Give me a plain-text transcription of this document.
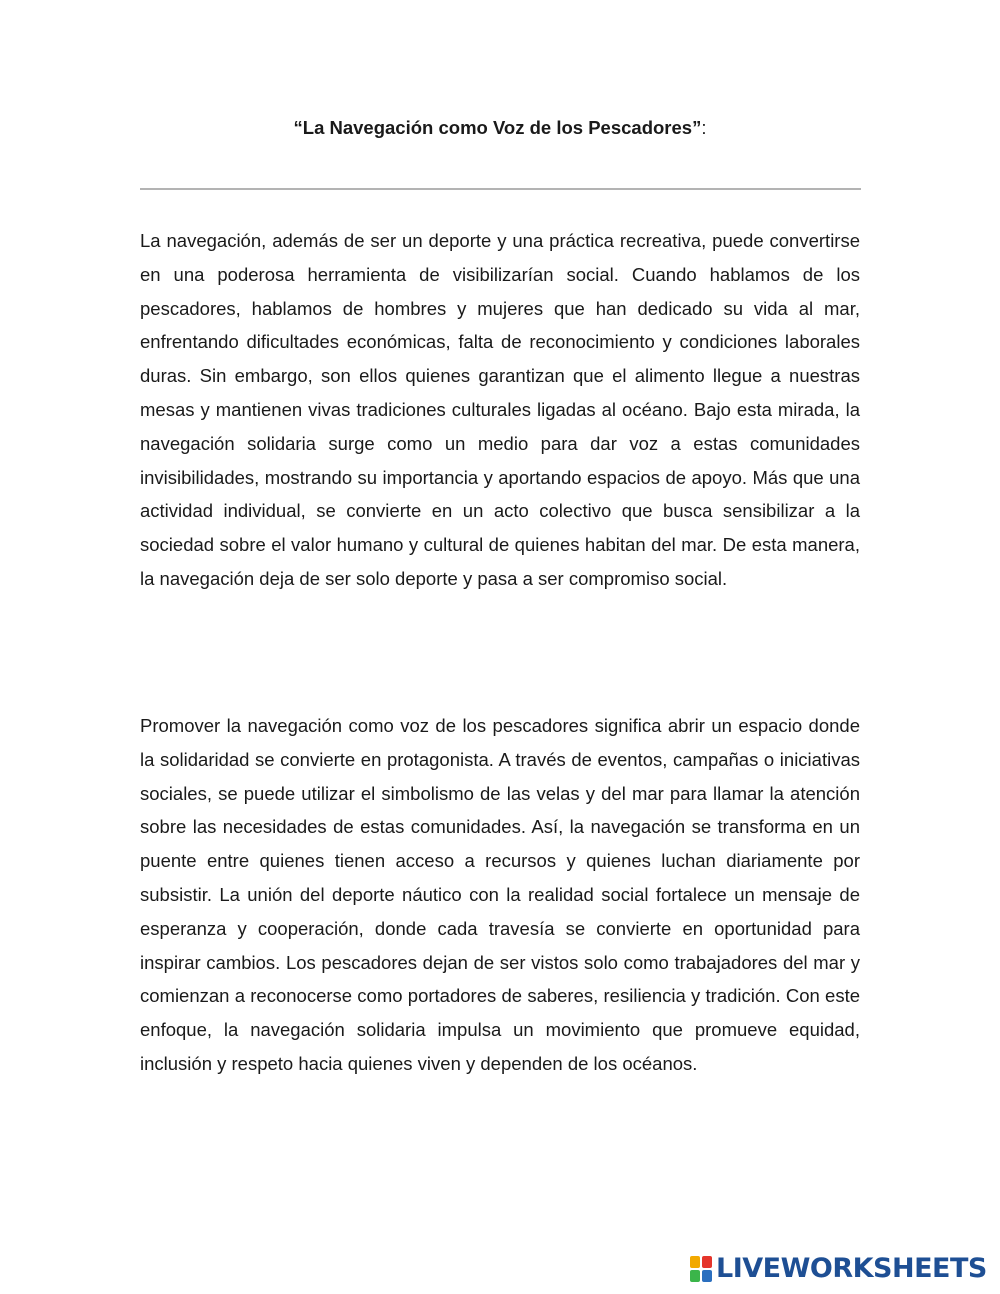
“La Navegación como Voz de los Pescadores”:

La navegación, además de ser un deporte y una práctica recreativa, puede convertirse en una poderosa herramienta de visibilizarían social. Cuando hablamos de los pescadores, hablamos de hombres y mujeres que han dedicado su vida al mar, enfrentando dificultades económicas, falta de reconocimiento y condiciones laborales duras. Sin embargo, son ellos quienes garantizan que el alimento llegue a nuestras mesas y mantienen vivas tradiciones culturales ligadas al océano. Bajo esta mirada, la navegación solidaria surge como un medio para dar voz a estas comunidades invisibilidades, mostrando su importancia y aportando espacios de apoyo. Más que una actividad individual, se convierte en un acto colectivo que busca sensibilizar a la sociedad sobre el valor humano y cultural de quienes habitan del mar. De esta manera, la navegación deja de ser solo deporte y pasa a ser compromiso social.

Promover la navegación como voz de los pescadores significa abrir un espacio donde la solidaridad se convierte en protagonista. A través de eventos, campañas o iniciativas sociales, se puede utilizar el simbolismo de las velas y del mar para llamar la atención sobre las necesidades de estas comunidades. Así, la navegación se transforma en un puente entre quienes tienen acceso a recursos y quienes luchan diariamente por subsistir. La unión del deporte náutico con la realidad social fortalece un mensaje de esperanza y cooperación, donde cada travesía se convierte en oportunidad para inspirar cambios. Los pescadores dejan de ser vistos solo como trabajadores del mar y comienzan a reconocerse como portadores de saberes, resiliencia y tradición. Con este enfoque, la navegación solidaria impulsa un movimiento que promueve equidad, inclusión y respeto hacia quienes viven y dependen de los océanos.

LIVEWORKSHEETS
